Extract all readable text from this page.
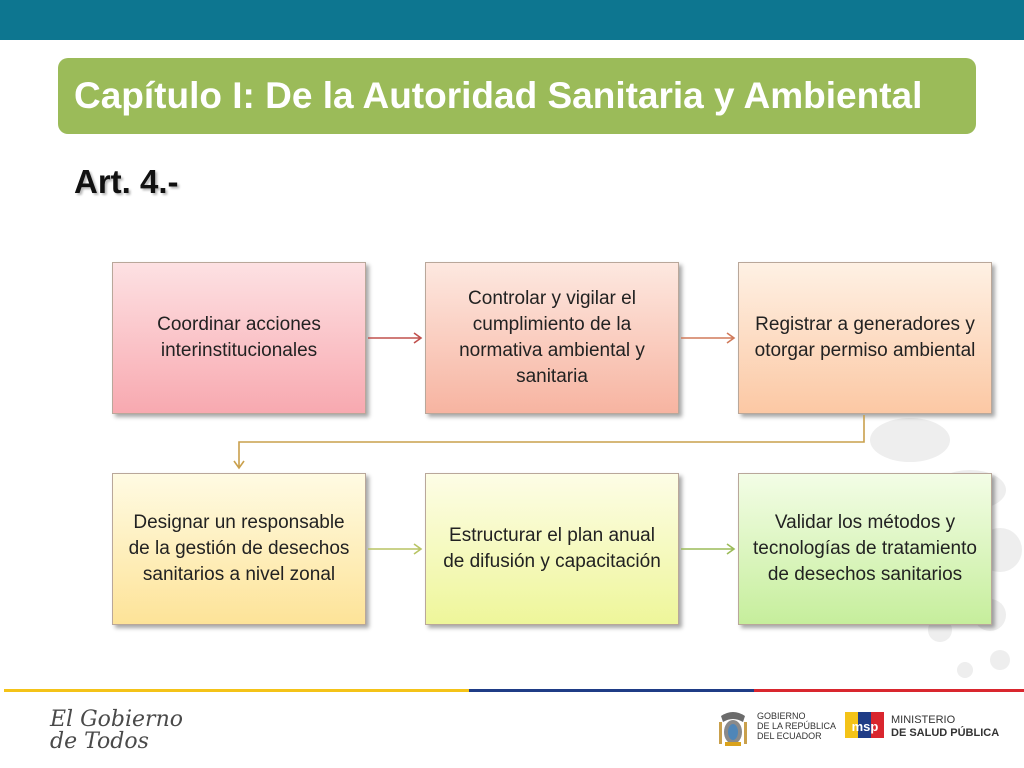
Capítulo I: De la Autoridad Sanitaria y Ambiental
Art. 4.-
Coordinar acciones interinstitucionales
Controlar y vigilar el cumplimiento de la normativa ambiental y sanitaria
Registrar a generadores y otorgar permiso ambiental
Designar un responsable de la gestión de desechos sanitarios a nivel zonal
Estructurar el plan anual de difusión y capacitación
Validar los métodos y tecnologías de tratamiento de desechos sanitarios
El Gobierno
de Todos
GOBIERNO
DE LA REPÚBLICA
DEL ECUADOR
msp MINISTERIO
DE SALUD PÚBLICA
